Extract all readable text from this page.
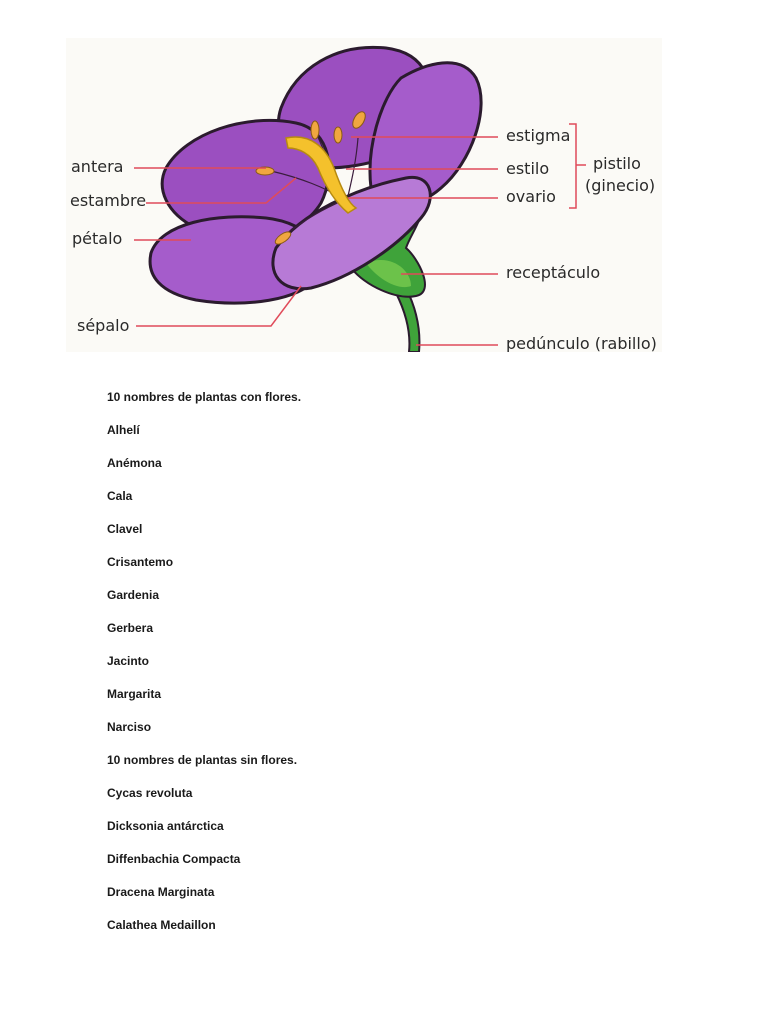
antera
estambre
pétalo
sépalo
estigma
estilo
ovario
pistilo
(ginecio)
receptáculo
pedúnculo (rabillo)
10 nombres de plantas con flores.
Alhelí
Anémona
Cala
Clavel
Crisantemo
Gardenia
Gerbera
Jacinto
Margarita
Narciso
10 nombres de plantas sin flores.
Cycas revoluta
Dicksonia antárctica
Diffenbachia Compacta
Dracena Marginata
Calathea Medaillon
